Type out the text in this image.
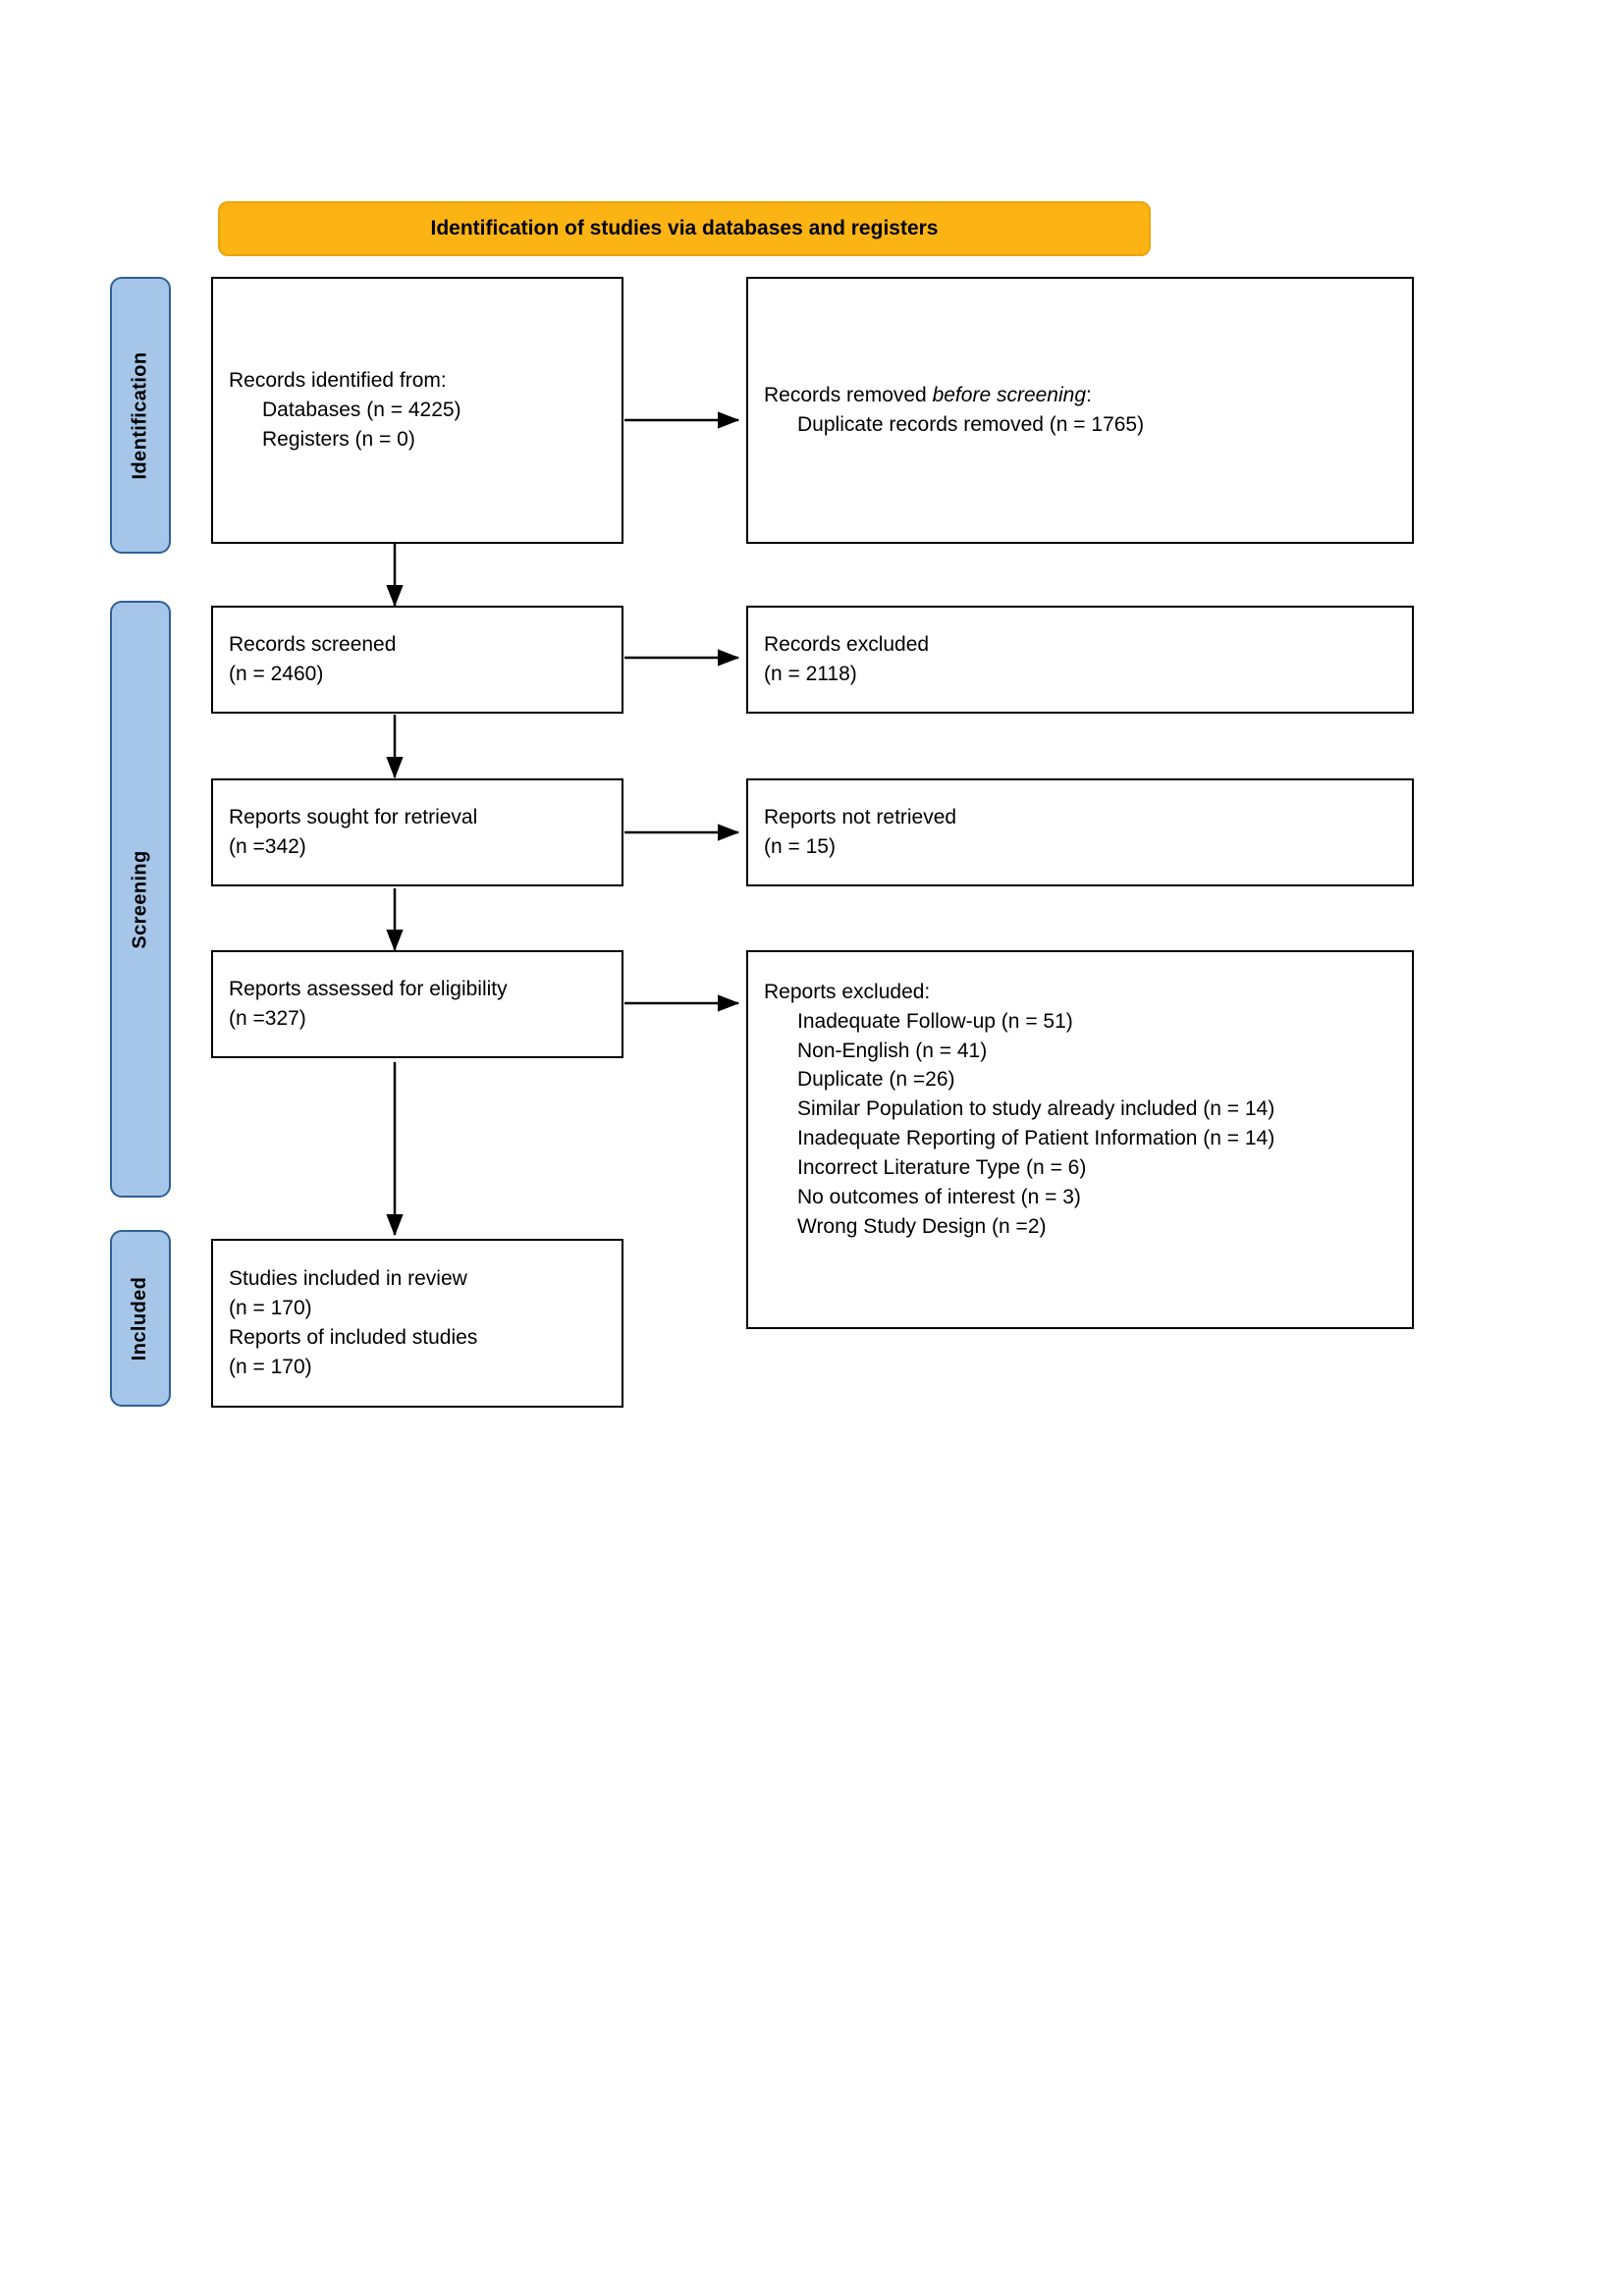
Identification of studies via databases and registers
Identification
Screening
Included
Records identified from:
Databases (n = 4225)
Registers (n = 0)
Records removed before screening:
Duplicate records removed (n = 1765)
Records screened
(n = 2460)
Records excluded
(n = 2118)
Reports sought for retrieval
(n =342)
Reports not retrieved
(n = 15)
Reports assessed for eligibility
(n =327)
Reports excluded:
Inadequate Follow-up (n = 51)
Non-English (n = 41)
Duplicate (n =26)
Similar Population to study already included (n = 14)
Inadequate Reporting of Patient Information (n = 14)
Incorrect Literature Type (n = 6)
No outcomes of interest (n = 3)
Wrong Study Design (n =2)
Studies included in review
(n = 170)
Reports of included studies
(n = 170)
